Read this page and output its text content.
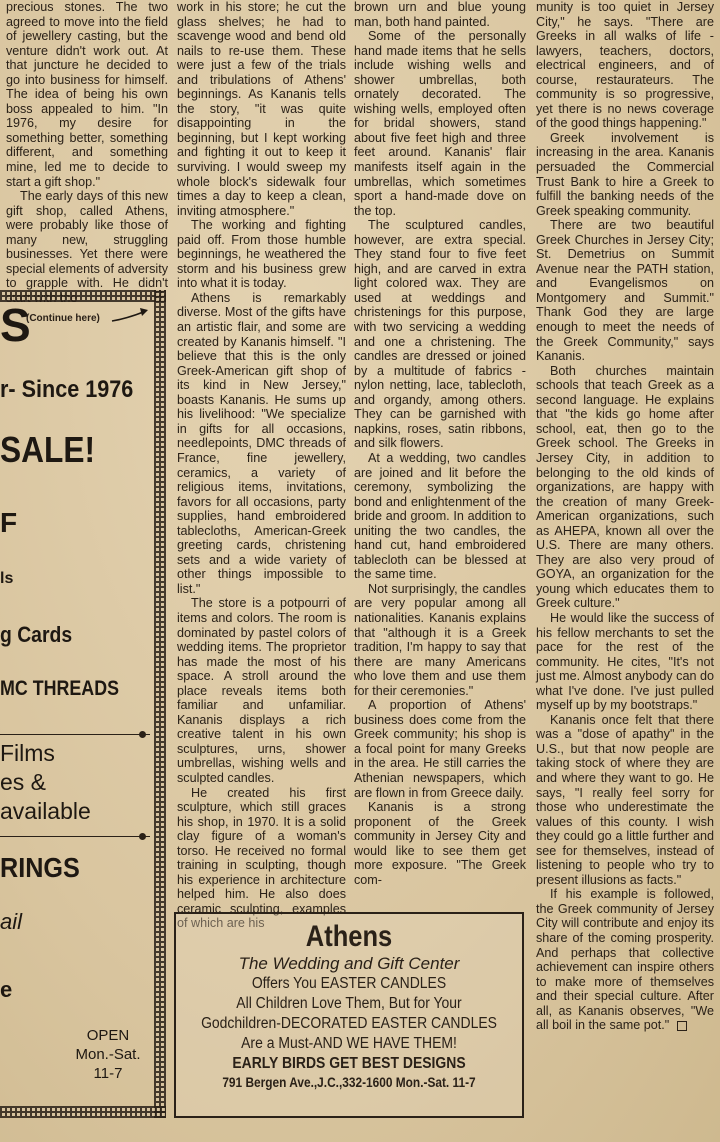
precious stones. The two agreed to move into the field of jewellery casting, but the venture didn't work out. At that juncture he decided to go into business for himself. The idea of being his own boss appealed to him. "In 1976, my desire for something better, something different, and something mine, led me to decide to start a gift shop."

The early days of this new gift shop, called Athens, were probably like those of many new, struggling businesses. Yet there were special elements of adversity to grapple with. He didn't

work in his store; he cut the glass shelves; he had to scavenge wood and bend old nails to re-use them. These were just a few of the trials and tribulations of Athens' beginnings. As Kananis tells the story, "it was quite disappointing in the beginning, but I kept working and fighting it out to keep it surviving. I would sweep my whole block's sidewalk four times a day to keep a clean, inviting atmosphere."

The working and fighting paid off. From those humble beginnings, he weathered the storm and his business grew into what it is today.

Athens is remarkably diverse. Most of the gifts have an artistic flair, and some are created by Kananis himself. "I believe that this is the only Greek-American gift shop of its kind in New Jersey," boasts Kananis. He sums up his livelihood: "We specialize in gifts for all occasions, needlepoints, DMC threads of France, fine jewellery, ceramics, a variety of religious items, invitations, favors for all occasions, party supplies, hand embroidered tablecloths, American-Greek greeting cards, christening sets and a wide variety of other things impossible to list."

The store is a potpourri of items and colors. The room is dominated by pastel colors of wedding items. The proprietor has made the most of his space. A stroll around the place reveals items both familiar and unfamiliar. Kananis displays a rich creative talent in his own sculptures, urns, shower umbrellas, wishing wells and sculpted candles.

He created his first sculpture, which still graces his shop, in 1970. It is a solid clay figure of a woman's torso. He received no formal training in sculpting, though his experience in architecture helped him. He also does ceramic sculpting, examples of which are his

brown urn and blue young man, both hand painted.

Some of the personally hand made items that he sells include wishing wells and shower umbrellas, both ornately decorated. The wishing wells, employed often for bridal showers, stand about five feet high and three feet around. Kananis' flair manifests itself again in the umbrellas, which sometimes sport a hand-made dove on the top.

The sculptured candles, however, are extra special. They stand four to five feet high, and are carved in extra light colored wax. They are used at weddings and christenings for this purpose, with two servicing a wedding and one a christening. The candles are dressed or joined by a multitude of fabrics - nylon netting, lace, tablecloth, and organdy, among others. They can be garnished with napkins, roses, satin ribbons, and silk flowers.

At a wedding, two candles are joined and lit before the ceremony, symbolizing the bond and enlightenment of the bride and groom. In addition to uniting the two candles, the hand cut, hand embroidered tablecloth can be blessed at the same time.

Not surprisingly, the candles are very popular among all nationalities. Kananis explains that "although it is a Greek tradition, I'm happy to say that there are many Americans who love them and use them for their ceremonies."

A proportion of Athens' business does come from the Greek community; his shop is a focal point for many Greeks in the area. He still carries the Athenian newspapers, which are flown in from Greece daily.

Kananis is a strong proponent of the Greek community in Jersey City and would like to see them get more exposure. "The Greek com-

munity is too quiet in Jersey City," he says. "There are Greeks in all walks of life - lawyers, teachers, doctors, electrical engineers, and of course, restaurateurs. The community is so progressive, yet there is no news coverage of the good things happening."

Greek involvement is increasing in the area. Kananis persuaded the Commercial Trust Bank to hire a Greek to fulfill the banking needs of the Greek speaking community.

There are two beautiful Greek Churches in Jersey City; St. Demetrius on Summit Avenue near the PATH station, and Evangelismos on Montgomery and Summit." Thank God they are large enough to meet the needs of the Greek Community," says Kananis.

Both churches maintain schools that teach Greek as a second language. He explains that "the kids go home after school, eat, then go to the Greek school. The Greeks in Jersey City, in addition to belonging to the old kinds of organizations, are happy with the creation of many Greek-American organizations, such as AHEPA, known all over the U.S. There are many others. They are also very proud of GOYA, an organization for the young which educates them to Greek culture."

He would like the success of his fellow merchants to set the pace for the rest of the community. He cites, "It's not just me. Almost anybody can do what I've done. I've just pulled myself up by my bootstraps."

Kananis once felt that there was a "dose of apathy" in the U.S., but that now people are taking stock of where they are and where they want to go. He says, "I really feel sorry for those who underestimate the values of this county. I wish they could go a little further and see for themselves, instead of listening to people who try to present illusions as facts."

If his example is followed, the Greek community of Jersey City will contribute and enjoy its share of the coming prosperity. And perhaps that collective achievement can inspire others to make more of themselves and their special culture. After all, as Kananis observes, "We all boil in the same pot."

S
r- Since 1976
SALE!
F
ls
g Cards
MC THREADS
Films
es &
available
RINGS
ail
e
OPEN
Mon.-Sat.
11-7
(Continue here)
Athens
The Wedding and Gift Center
Offers You EASTER CANDLES
All Children Love Them, But for Your
Godchildren-DECORATED EASTER CANDLES
Are a Must-AND WE HAVE THEM!
EARLY BIRDS GET BEST DESIGNS
791 Bergen Ave.,J.C.,332-1600 Mon.-Sat. 11-7
